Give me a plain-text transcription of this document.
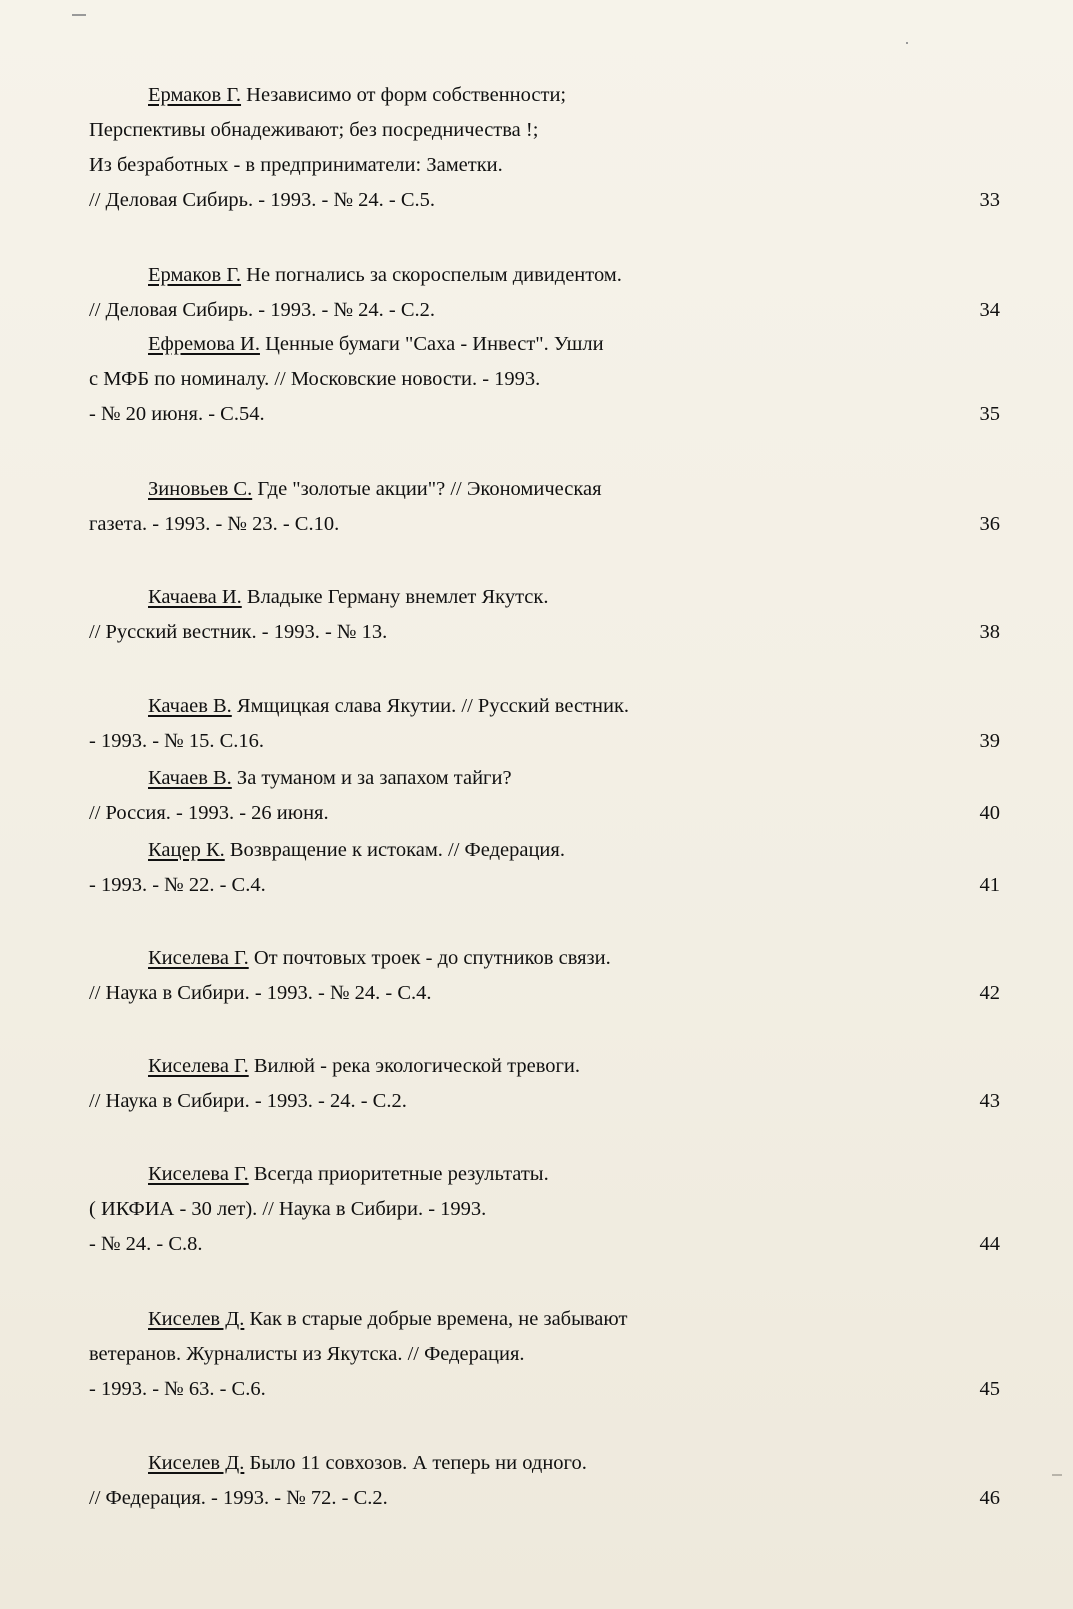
Ермаков Г. Независимо от форм собственности;
Перспективы обнадеживают; без посредничества !;
Из безработных - в предприниматели: Заметки.
// Деловая Сибирь. - 1993. - № 24. - С.5.	33
Ермаков Г. Не погнались за скороспелым дивидентом.
// Деловая Сибирь. - 1993. - № 24. - С.2.	34
Ефремова И. Ценные бумаги "Саха - Инвест". Ушли
с МФБ по номиналу. // Московские новости. - 1993.
- № 20 июня. - С.54.	35
Зиновьев С. Где "золотые акции"? // Экономическая
газета. - 1993. - № 23. - С.10.	36
Качаева И. Владыке Герману внемлет Якутск.
// Русский вестник. - 1993. - № 13.	38
Качаев В. Ямщицкая слава Якутии. // Русский вестник.
- 1993. - № 15. С.16.	39
Качаев В. За туманом и за запахом тайги?
// Россия. - 1993. - 26 июня.	40
Кацер К. Возвращение к истокам. // Федерация.
- 1993. - № 22. - С.4.	41
Киселева Г. От почтовых троек - до спутников связи.
// Наука в Сибири. - 1993. - № 24. - С.4.	42
Киселева Г. Вилюй - река экологической тревоги.
// Наука в Сибири. - 1993. - 24. - С.2.	43
Киселева Г. Всегда приоритетные результаты.
( ИКФИА - 30 лет). // Наука в Сибири. - 1993.
- № 24. - С.8.	44
Киселев Д. Как в старые добрые времена, не забывают
ветеранов. Журналисты из Якутска. // Федерация.
- 1993. - № 63. - С.6.	45
Киселев Д. Было 11 совхозов. А теперь ни одного.
// Федерация. - 1993. - № 72. - С.2.	46
